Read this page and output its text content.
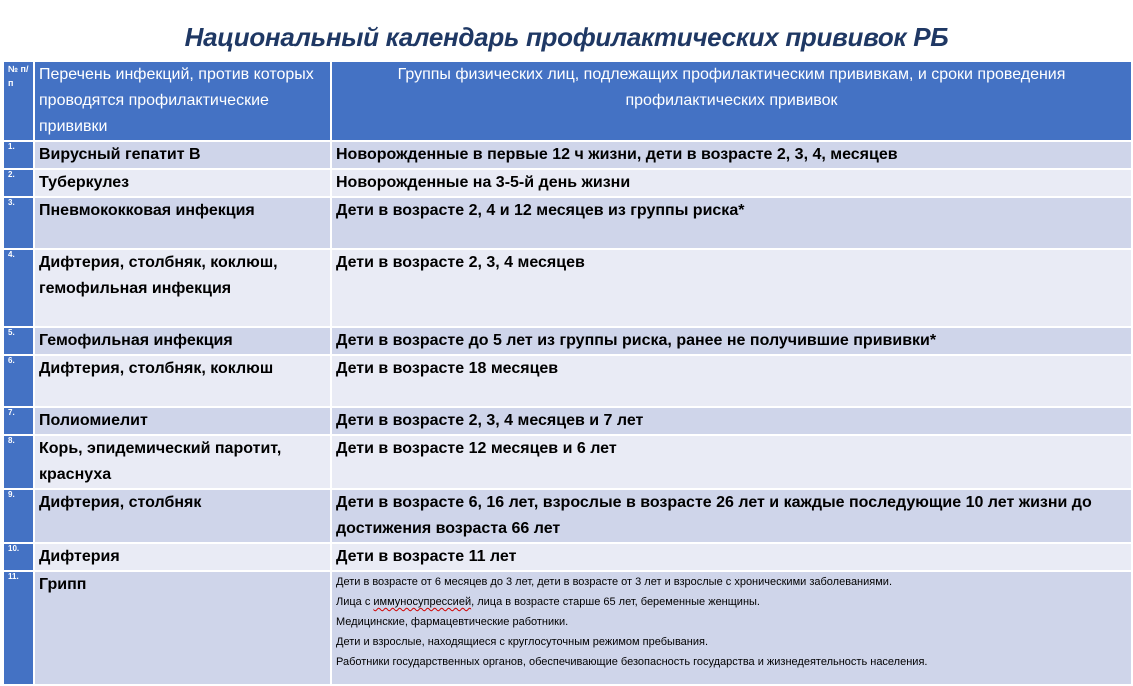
Национальный календарь профилактических прививок РБ
№ п/п	Перечень инфекций, против которых проводятся профилактические прививки	Группы физических лиц, подлежащих профилактическим прививкам, и сроки проведения профилактических прививок
1.	Вирусный гепатит В	Новорожденные в первые 12 ч жизни, дети в возрасте 2, 3, 4, месяцев
2.	Туберкулез	Новорожденные на 3-5-й день жизни
3.	Пневмококковая инфекция	Дети в возрасте 2, 4 и 12 месяцев из группы риска*
4.	Дифтерия, столбняк, коклюш, гемофильная инфекция	Дети в возрасте 2, 3, 4 месяцев
5.	Гемофильная инфекция	Дети в возрасте до 5 лет из группы риска, ранее не получившие прививки*
6.	Дифтерия, столбняк, коклюш	Дети в возрасте 18 месяцев
7.	Полиомиелит	Дети в возрасте 2, 3, 4 месяцев и 7 лет
8.	Корь, эпидемический паротит, краснуха	Дети в возрасте 12 месяцев и 6 лет
9.	Дифтерия, столбняк	Дети в возрасте 6, 16 лет, взрослые в возрасте 26 лет и каждые последующие 10 лет жизни до достижения возраста 66 лет
10.	Дифтерия	Дети в возрасте 11 лет
11.	Грипп	Дети в возрасте от 6 месяцев до 3 лет, дети в возрасте от 3 лет и взрослые с хроническими заболеваниями.
Лица с иммуносупрессией, лица в возрасте старше 65 лет, беременные женщины.
Медицинские, фармацевтические работники.
Дети и взрослые, находящиеся с круглосуточным режимом пребывания.
Работники государственных органов, обеспечивающие безопасность государства и жизнедеятельность населения.
